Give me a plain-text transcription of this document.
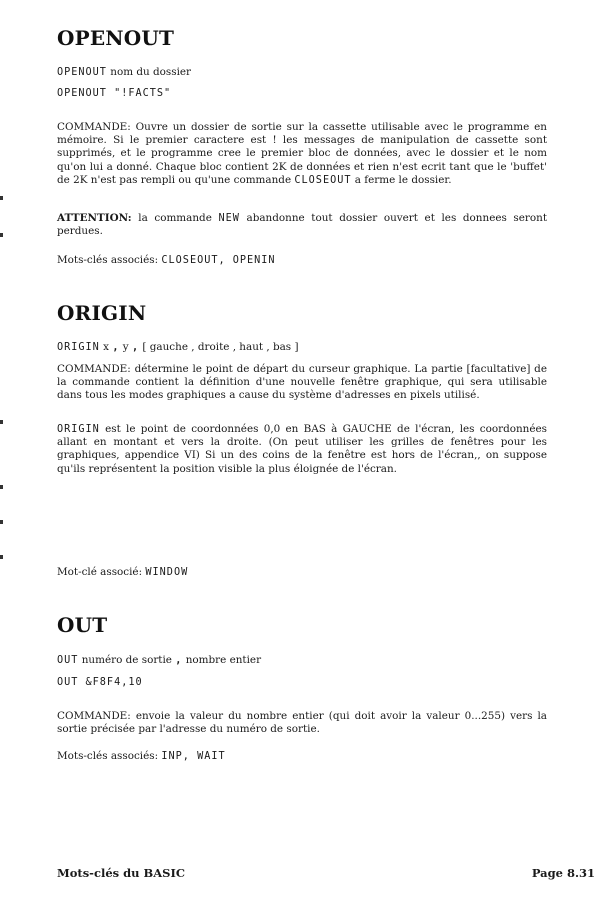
OPENOUT
OPENOUT nom du dossier
OPENOUT "!FACTS"

COMMANDE: Ouvre un dossier de sortie sur la cassette utilisable avec le programme en mémoire. Si le premier caractere est ! les messages de manipulation de cassette sont supprimés, et le programme cree le premier bloc de données, avec le dossier et le nom qu'on lui a donné. Chaque bloc contient 2K de données et rien n'est ecrit tant que le 'buffet' de 2K n'est pas rempli ou qu'une commande CLOSEOUT a ferme le dossier.

ATTENTION: la commande NEW abandonne tout dossier ouvert et les donnees seront perdues.

Mots-clés associés: CLOSEOUT, OPENIN
ORIGIN
ORIGIN x , y , [ gauche , droite , haut , bas ]

COMMANDE: détermine le point de départ du curseur graphique. La partie [facultative] de la commande contient la définition d'une nouvelle fenêtre graphique, qui sera utilisable dans tous les modes graphiques a cause du système d'adresses en pixels utilisé.

ORIGIN est le point de coordonnées 0,0 en BAS à GAUCHE de l'écran, les coordonnées allant en montant et vers la droite. (On peut utiliser les grilles de fenêtres pour les graphiques, appendice VI) Si un des coins de la fenêtre est hors de l'écran,, on suppose qu'ils représentent la position visible la plus éloignée de l'écran.

Mot-clé associé: WINDOW
OUT
OUT numéro de sortie , nombre entier
OUT &F8F4,10

COMMANDE: envoie la valeur du nombre entier (qui doit avoir la valeur 0...255) vers la sortie précisée par l'adresse du numéro de sortie.

Mots-clés associés: INP, WAIT
Mots-clés du BASIC	Page 8.31
